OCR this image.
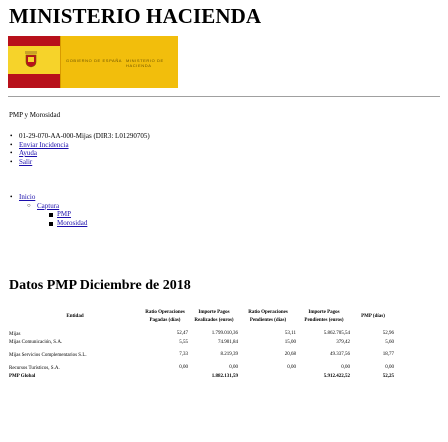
MINISTERIO HACIENDA
GOBIERNO DE ESPAÑA MINISTERIO DE HACIENDA
PMP y Morosidad
• 01-29-070-AA-000-Mijas (DIR3: L01290705)
• Enviar Incidencia
• Ayuda
• Salir
• Inicio
○ Captura
PMP
Morosidad
Datos PMP Diciembre de 2018
Entidad	Ratio Operaciones Pagadas (días)	Importe Pagos Realizados (euros)	Ratio Operaciones Pendientes (días)	Importe Pagos Pendientes (euros)	PMP (días)	

Mijas	52,47	1.799.010,36	53,11	5.862.705,54	52,96	
Mijas Comunicación, S.A.	5,55	74.901,84	15,00	379,42	5,60	
Mijas Servicios Complementarios S.L.	7,33	8.219,39	20,68	49.337,56	18,77	
Recursos Turísticos, S.A.	0,00	0,00	0,00	0,00	0,00	
PMP Global		1.882.131,59		5.912.422,52	52,25	
